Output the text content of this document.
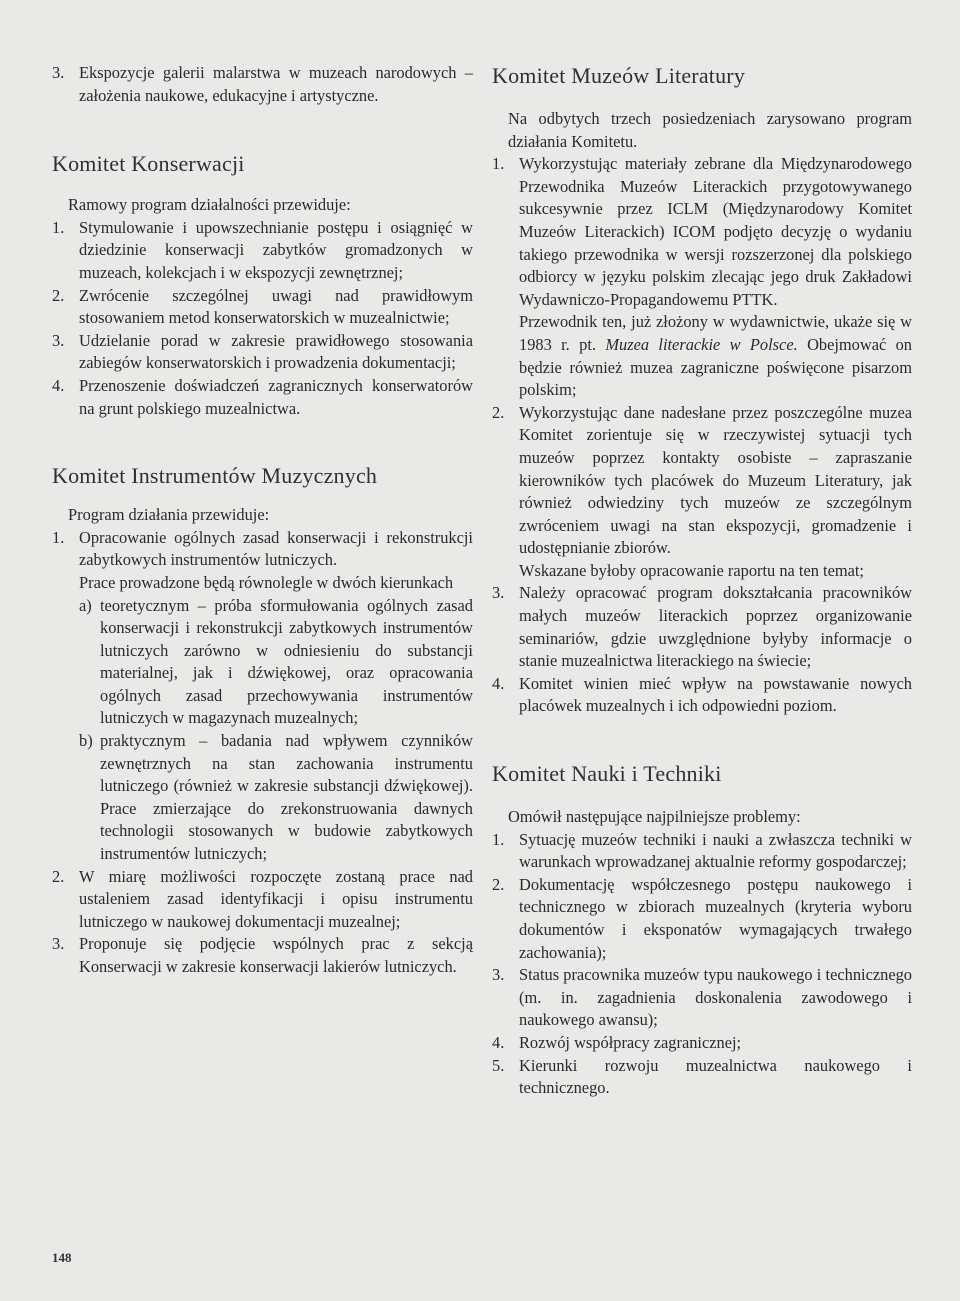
3. Ekspozycje galerii malarstwa w muzeach narodowych – założenia naukowe, edukacyjne i artystyczne.
Komitet Konserwacji

Ramowy program działalności przewiduje:

1. Stymulowanie i upowszechnianie postępu i osiągnięć w dziedzinie konserwacji zabytków gromadzonych w muzeach, kolekcjach i w ekspozycji zewnętrznej;
2. Zwrócenie szczególnej uwagi nad prawidłowym stosowaniem metod konserwatorskich w muzealnictwie;
3. Udzielanie porad w zakresie prawidłowego stosowania zabiegów konserwatorskich i prowadzenia dokumentacji;
4. Przenoszenie doświadczeń zagranicznych konserwatorów na grunt polskiego muzealnictwa.
Komitet Instrumentów Muzycznych

Program działania przewiduje:

1. Opracowanie ogólnych zasad konserwacji i rekonstrukcji zabytkowych instrumentów lutniczych.

Prace prowadzone będą równolegle w dwóch kierunkach

a) teoretycznym – próba sformułowania ogólnych zasad konserwacji i rekonstrukcji zabytkowych instrumentów lutniczych zarówno w odniesieniu do substancji materialnej, jak i dźwiękowej, oraz opracowania ogólnych zasad przechowywania instrumentów lutniczych w magazynach muzealnych;
b) praktycznym – badania nad wpływem czynników zewnętrznych na stan zachowania instrumentu lutniczego (również w zakresie substancji dźwiękowej). Prace zmierzające do zrekonstruowania dawnych technologii stosowanych w budowie zabytkowych instrumentów lutniczych;
2. W miarę możliwości rozpoczęte zostaną prace nad ustaleniem zasad identyfikacji i opisu instrumentu lutniczego w naukowej dokumentacji muzealnej;
3. Proponuje się podjęcie wspólnych prac z sekcją Konserwacji w zakresie konserwacji lakierów lutniczych.
Komitet Muzeów Literatury

Na odbytych trzech posiedzeniach zarysowano program działania Komitetu.

1. Wykorzystując materiały zebrane dla Międzynarodowego Przewodnika Muzeów Literackich przygotowywanego sukcesywnie przez ICLM (Międzynarodowy Komitet Muzeów Literackich) ICOM podjęto decyzję o wydaniu takiego przewodnika w wersji rozszerzonej dla polskiego odbiorcy w języku polskim zlecając jego druk Zakładowi Wydawniczo-Propagandowemu PTTK.

Przewodnik ten, już złożony w wydawnictwie, ukaże się w 1983 r. pt. Muzea literackie w Polsce. Obejmować on będzie również muzea zagraniczne poświęcone pisarzom polskim;

2. Wykorzystując dane nadesłane przez poszczególne muzea Komitet zorientuje się w rzeczywistej sytuacji tych muzeów poprzez kontakty osobiste – zapraszanie kierowników tych placówek do Muzeum Literatury, jak również odwiedziny tych muzeów ze szczególnym zwróceniem uwagi na stan ekspozycji, gromadzenie i udostępnianie zbiorów.

Wskazane byłoby opracowanie raportu na ten temat;

3. Należy opracować program dokształcania pracowników małych muzeów literackich poprzez organizowanie seminariów, gdzie uwzględnione byłyby informacje o stanie muzealnictwa literackiego na świecie;
4. Komitet winien mieć wpływ na powstawanie nowych placówek muzealnych i ich odpowiedni poziom.
Komitet Nauki i Techniki

Omówił następujące najpilniejsze problemy:

1. Sytuację muzeów techniki i nauki a zwłaszcza techniki w warunkach wprowadzanej aktualnie reformy gospodarczej;
2. Dokumentację współczesnego postępu naukowego i technicznego w zbiorach muzealnych (kryteria wyboru dokumentów i eksponatów wymagających trwałego zachowania);
3. Status pracownika muzeów typu naukowego i technicznego (m. in. zagadnienia doskonalenia zawodowego i naukowego awansu);
4. Rozwój współpracy zagranicznej;
5. Kierunki rozwoju muzealnictwa naukowego i technicznego.
148
